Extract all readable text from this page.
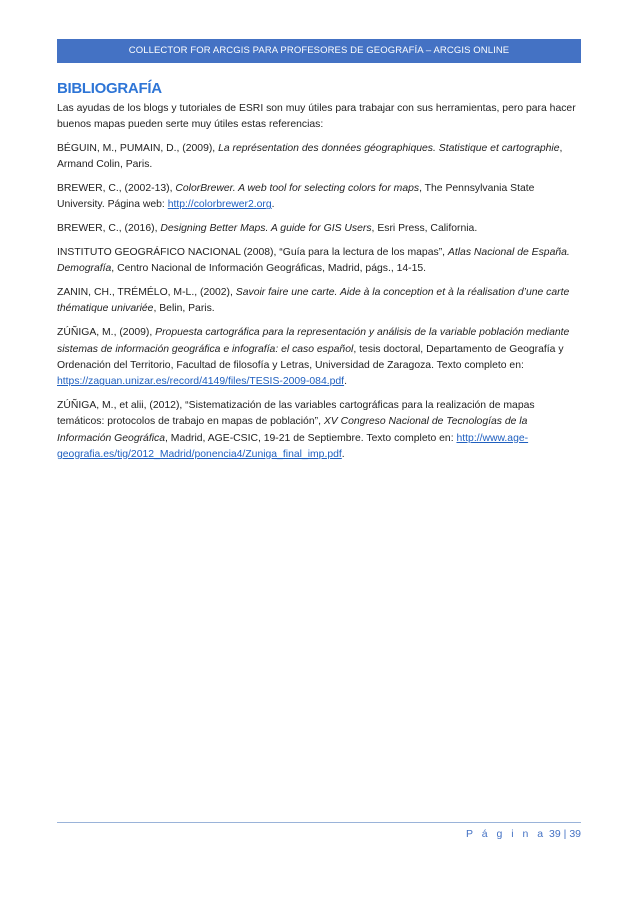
COLLECTOR FOR ARCGIS PARA PROFESORES DE GEOGRAFÍA – ARCGIS ONLINE
BIBLIOGRAFÍA

Las ayudas de los blogs y tutoriales de ESRI son muy útiles para trabajar con sus herramientas, pero para hacer buenos mapas pueden serte muy útiles estas referencias:

BÉGUIN, M., PUMAIN, D., (2009), La représentation des données géographiques. Statistique et cartographie, Armand Colin, Paris.

BREWER, C., (2002-13), ColorBrewer. A web tool for selecting colors for maps, The Pennsylvania State University. Página web: http://colorbrewer2.org.

BREWER, C., (2016), Designing Better Maps. A guide for GIS Users, Esri Press, California.

INSTITUTO GEOGRÁFICO NACIONAL (2008), “Guía para la lectura de los mapas”, Atlas Nacional de España. Demografía, Centro Nacional de Información Geográficas, Madrid, págs., 14-15.

ZANIN, CH., TRÉMÉLO, M-L., (2002), Savoir faire une carte. Aide à la conception et à la réalisation d’une carte thématique univariée, Belin, Paris.

ZÚÑIGA, M., (2009), Propuesta cartográfica para la representación y análisis de la variable población mediante sistemas de información geográfica e infografía: el caso español, tesis doctoral, Departamento de Geografía y Ordenación del Territorio, Facultad de filosofía y Letras, Universidad de Zaragoza. Texto completo en: https://zaguan.unizar.es/record/4149/files/TESIS-2009-084.pdf.

ZÚÑIGA, M., et alii, (2012), “Sistematización de las variables cartográficas para la realización de mapas temáticos: protocolos de trabajo en mapas de población”, XV Congreso Nacional de Tecnologías de la Información Geográfica, Madrid, AGE-CSIC, 19-21 de Septiembre. Texto completo en: http://www.age-geografia.es/tig/2012_Madrid/ponencia4/Zuniga_final_imp.pdf.

P á g i n a 39 | 39
